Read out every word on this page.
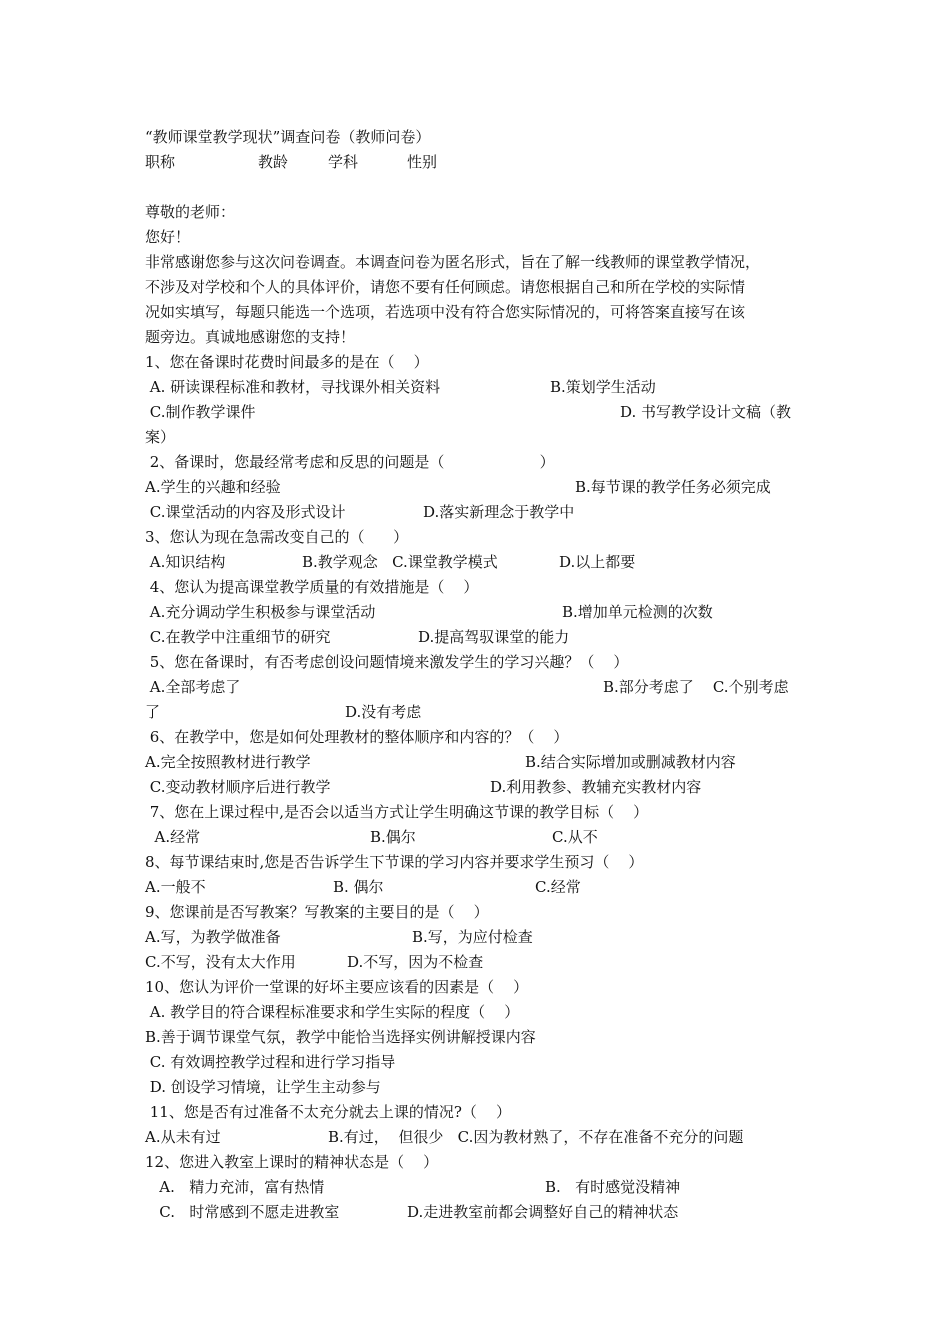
“教师课堂教学现状”调查问卷（教师问卷）

职称

	教龄

	学科

	性别

尊敬的老师：
您好！
非常感谢您参与这次问卷调查。本调查问卷为匿名形式，旨在了解一线教师的课堂教学情况，
不涉及对学校和个人的具体评价，请您不要有任何顾虑。请您根据自己和所在学校的实际情
况如实填写，每题只能选一个选项，若选项中没有符合您实际情况的，可将答案直接写在该
题旁边。真诚地感谢您的支持！
1、您在备课时花费时间最多的是在（    ）

A. 研读课程标准和教材，寻找课外相关资料

	B.策划学生活动

C.制作教学课件

	D. 书写教学设计文稿（教

案）
2、备课时，您最经常考虑和反思的问题是（                    ）

A.学生的兴趣和经验

	B.每节课的教学任务必须完成

C.课堂活动的内容及形式设计

	D.落实新理念于教学中

3、您认为现在急需改变自己的（      ）

A.知识结构

	B.教学观念   C.课堂教学模式

	D.以上都要

4、您认为提高课堂教学质量的有效措施是（    ）

A.充分调动学生积极参与课堂活动

	B.增加单元检测的次数

C.在教学中注重细节的研究

	D.提高驾驭课堂的能力

5、您在备课时，有否考虑创设问题情境来激发学生的学习兴趣？（    ）

A.全部考虑了

	B.部分考虑了    C.个别考虑

了

	D.没有考虑

6、在教学中，您是如何处理教材的整体顺序和内容的？（    ）

A.完全按照教材进行教学

	B.结合实际增加或删减教材内容

C.变动教材顺序后进行教学

	D.利用教参、教辅充实教材内容

7、您在上课过程中,是否会以适当方式让学生明确这节课的教学目标（    ）

A.经常

	B.偶尔

	C.从不

8、每节课结束时,您是否告诉学生下节课的学习内容并要求学生预习（    ）

A.一般不

	B. 偶尔

	C.经常

9、您课前是否写教案？写教案的主要目的是（    ）

A.写，为教学做准备

	B.写，为应付检查

C.不写，没有太大作用

	D.不写，因为不检查

10、您认为评价一堂课的好坏主要应该看的因素是（    ）
A. 教学目的符合课程标准要求和学生实际的程度（    ）
B.善于调节课堂气氛，教学中能恰当选择实例讲解授课内容
C. 有效调控教学过程和进行学习指导
D. 创设学习情境，让学生主动参与
11、您是否有过准备不太充分就去上课的情况?（    ）

A.从未有过

	B.有过，  但很少   C.因为教材熟了，不存在准备不充分的问题

12、您进入教室上课时的精神状态是（    ）

A.   精力充沛，富有热情

	B.   有时感觉没精神

C.   时常感到不愿走进教室

	D.走进教室前都会调整好自己的精神状态
